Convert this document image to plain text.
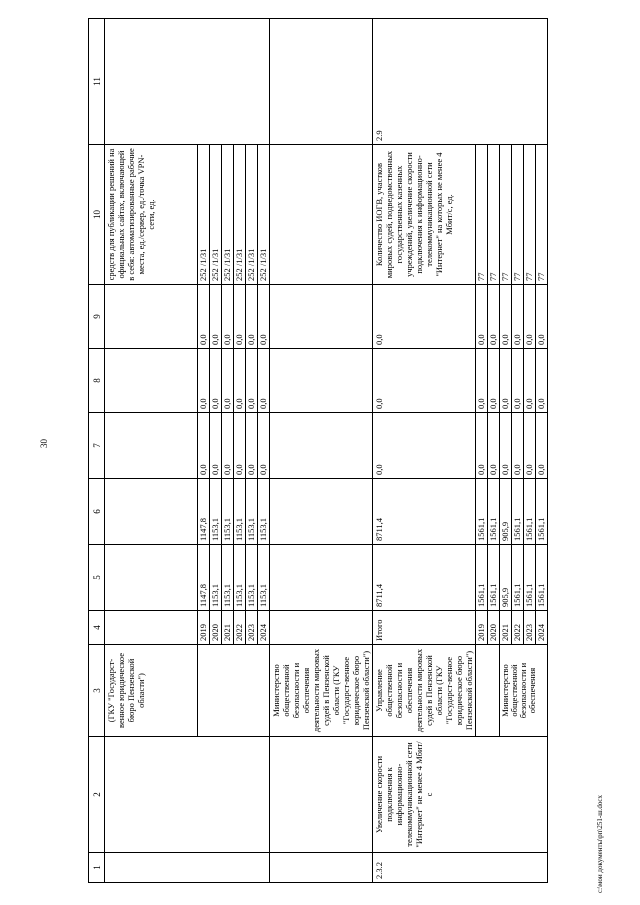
30
c:\мои документы\рп\251-ш.docx
1	2	3	4	5	6	7	8	9	10	11
		(ГКУ "Государст-венное юридическое бюро Пензенской области")							средств для публикации решений на официальных сайтах, включающей в себя: автоматизированные рабочие места, ед./сервер, ед./точка VPN-сети, ед.	
			2019	1147,8	1147,8	0,0	0,0	0,0	252 /1/31	
			2020	1153,1	1153,1	0,0	0,0	0,0	252 /1/31	
			2021	1153,1	1153,1	0,0	0,0	0,0	252 /1/31	
			2022	1153,1	1153,1	0,0	0,0	0,0	252 /1/31	
			2023	1153,1	1153,1	0,0	0,0	0,0	252 /1/31	
			2024	1153,1	1153,1	0,0	0,0	0,0	252 /1/31	
		Министерство общественной безопасности и обеспечения деятельности мировых судей в Пензенской области (ГКУ "Государст-венное юридическое бюро Пензенской области")								
2.3.2	Увеличение скорости подключения к информационно-телекоммуникационной сети "Интернет" не менее 4 Мбит/с	Управление общественной безопасности и обеспечения деятельности мировых судей в Пензенской области (ГКУ "Государст-венное юридическое бюро Пензенской области")	Итого	8711,4	8711,4	0,0	0,0	0,0	Количество ИОГВ, участков мировых судей, подведомственных государственных казенных учреждений, увеличение скорости подключения к информационно-телекоммуникационной сети "Интернет" на которых не менее 4 Мбит/с, ед.	2.9
			2019	1561,1	1561,1	0,0	0,0	0,0	77	
			2020	1561,1	1561,1	0,0	0,0	0,0	77	
		Министерство общественной безопасности и обеспечения	2021	905,9	905,9	0,0	0,0	0,0	77	
			2022	1561,1	1561,1	0,0	0,0	0,0	77	
			2023	1561,1	1561,1	0,0	0,0	0,0	77	
			2024	1561,1	1561,1	0,0	0,0	0,0	77	
